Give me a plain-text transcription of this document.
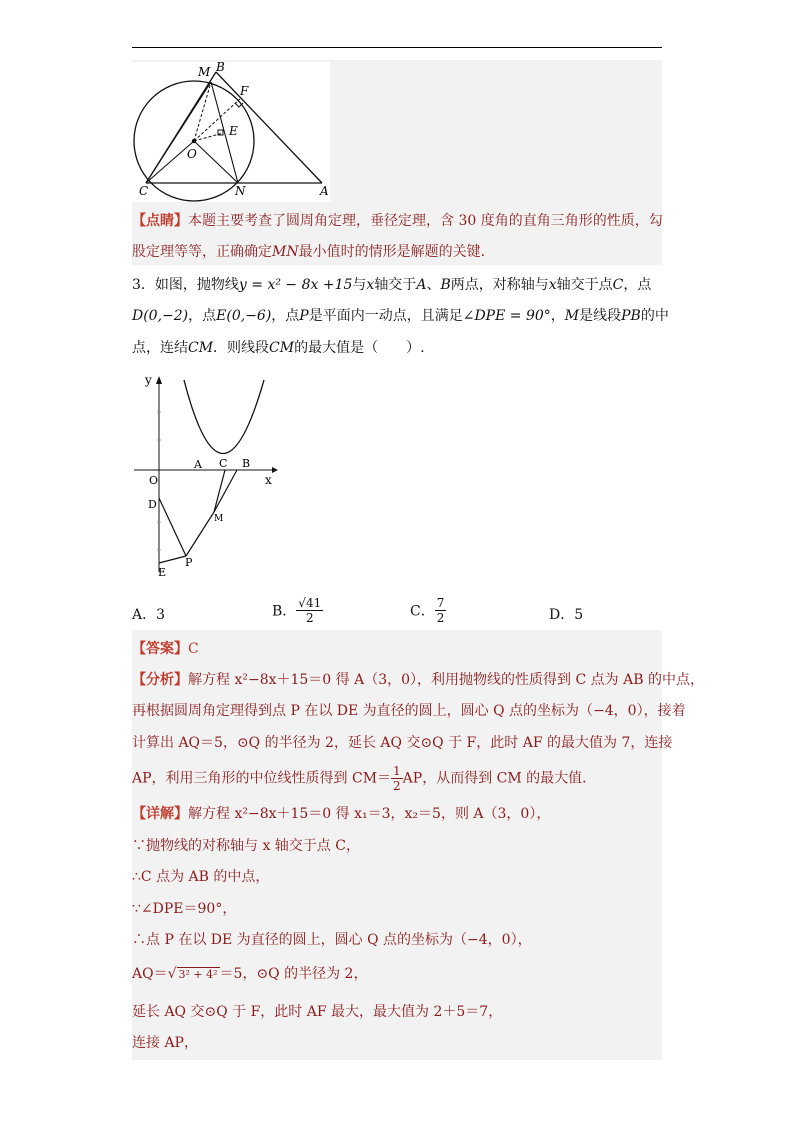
M B
F
E
O
C	N	A
【点睛】本题主要考查了圆周角定理，垂径定理，含 30 度角的直角三角形的性质，勾
股定理等等，正确确定MN最小值时的情形是解题的关键．
3．如图，抛物线y = x² − 8x +15与x轴交于A、B两点，对称轴与x轴交于点C，点
D(0,−2)，点E(0,−6)，点P是平面内一动点，且满足∠DPE = 90°，M是线段PB的中
点，连结CM．则线段CM的最大值是（　　）.
y
x
O
A C B
D
M
P
E
A．3	B． $\frac{√41}{2}$	C． $\frac{7}{2}$	D．5
【答案】C
【分析】解方程 x²−8x＋15＝0 得 A（3，0），利用抛物线的性质得到 C 点为 AB 的中点，
再根据圆周角定理得到点 P 在以 DE 为直径的圆上，圆心 Q 点的坐标为（−4，0），接着
计算出 AQ＝5，⊙Q 的半径为 2，延长 AQ 交⊙Q 于 F，此时 AF 的最大值为 7，连接
AP，利用三角形的中位线性质得到 $CM= \frac{1}{2}$ AP，从而得到 CM 的最大值．
【详解】解方程 x²−8x＋15＝0 得 x₁＝3，x₂＝5，则 A（3，0），
∵抛物线的对称轴与 x 轴交于点 C，
∴C 点为 AB 的中点，
∵∠DPE＝90°，
∴点 P 在以 DE 为直径的圆上，圆心 Q 点的坐标为（−4，0），
AQ＝√ 3² + 4² ＝5，⊙Q 的半径为 2，
延长 AQ 交⊙Q 于 F，此时 AF 最大，最大值为 2＋5＝7，
连接 AP，
